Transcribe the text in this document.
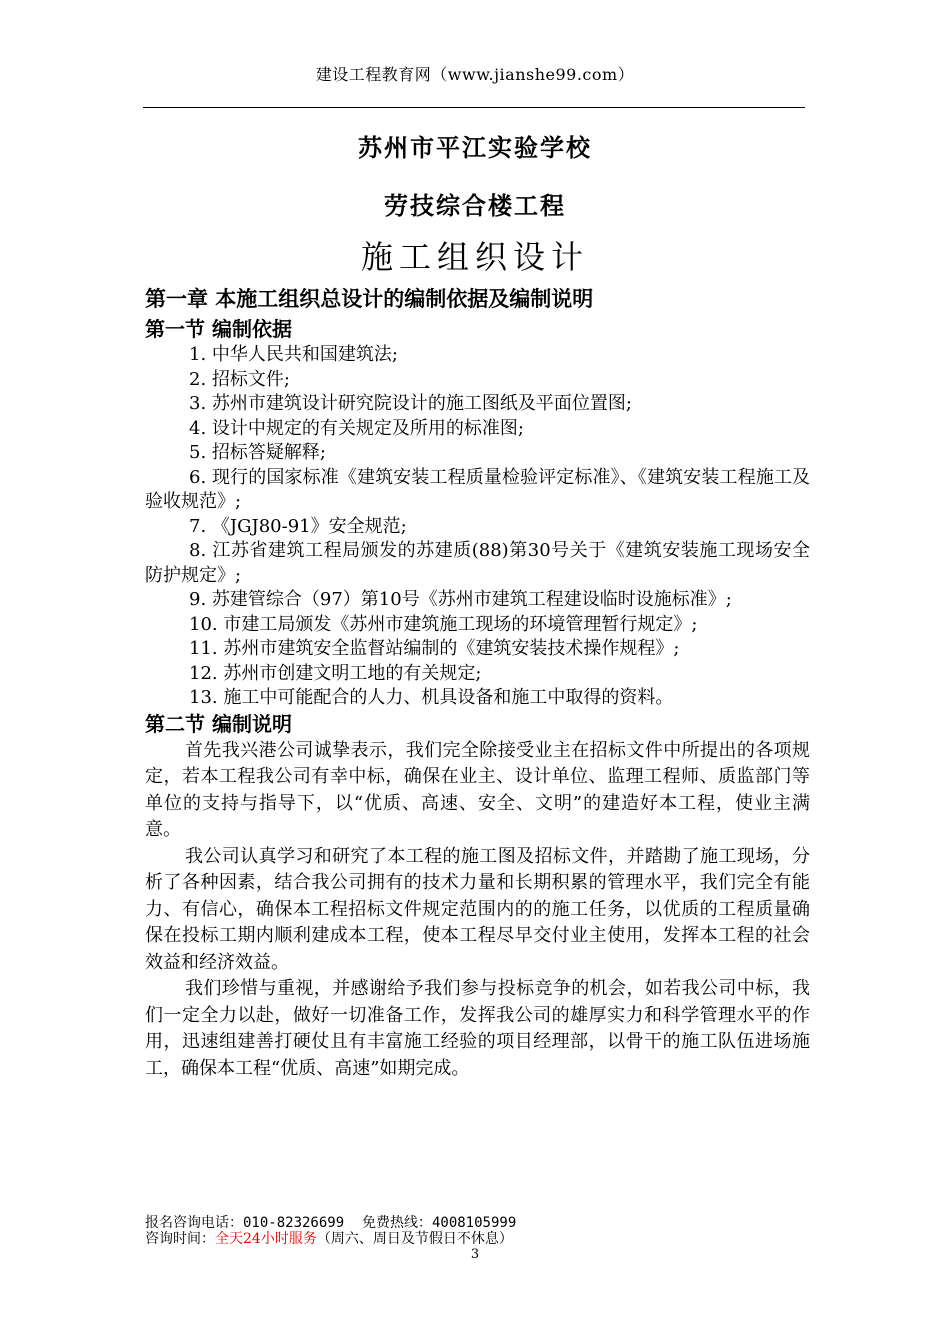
建设工程教育网（www.jianshe99.com）
苏州市平江实验学校
劳技综合楼工程
施工组织设计

第一章 本施工组织总设计的编制依据及编制说明

第一节 编制依据

1. 中华人民共和国建筑法;

2. 招标文件;

3. 苏州市建筑设计研究院设计的施工图纸及平面位置图;

4. 设计中规定的有关规定及所用的标准图;

5. 招标答疑解释;

6. 现行的国家标准《建筑安装工程质量检验评定标准》、《建筑安装工程施工及验收规范》;

7. 《JGJ80-91》安全规范;

8. 江苏省建筑工程局颁发的苏建质(88)第30号关于《建筑安装施工现场安全防护规定》;

9. 苏建管综合（97）第10号《苏州市建筑工程建设临时设施标准》;

10. 市建工局颁发《苏州市建筑施工现场的环境管理暂行规定》;

11. 苏州市建筑安全监督站编制的《建筑安装技术操作规程》;

12. 苏州市创建文明工地的有关规定;

13. 施工中可能配合的人力、机具设备和施工中取得的资料。

第二节 编制说明

首先我兴港公司诚挚表示，我们完全除接受业主在招标文件中所提出的各项规定，若本工程我公司有幸中标，确保在业主、设计单位、监理工程师、质监部门等单位的支持与指导下，以“优质、高速、安全、文明”的建造好本工程，使业主满意。

我公司认真学习和研究了本工程的施工图及招标文件，并踏勘了施工现场，分析了各种因素，结合我公司拥有的技术力量和长期积累的管理水平，我们完全有能力、有信心，确保本工程招标文件规定范围内的的施工任务，以优质的工程质量确保在投标工期内顺利建成本工程，使本工程尽早交付业主使用，发挥本工程的社会效益和经济效益。

我们珍惜与重视，并感谢给予我们参与投标竞争的机会，如若我公司中标，我们一定全力以赴，做好一切准备工作，发挥我公司的雄厚实力和科学管理水平的作用，迅速组建善打硬仗且有丰富施工经验的项目经理部，以骨干的施工队伍进场施工，确保本工程“优质、高速”如期完成。

报名咨询电话：010-82326699 免费热线：4008105999
咨询时间：全天24小时服务（周六、周日及节假日不休息）
3
